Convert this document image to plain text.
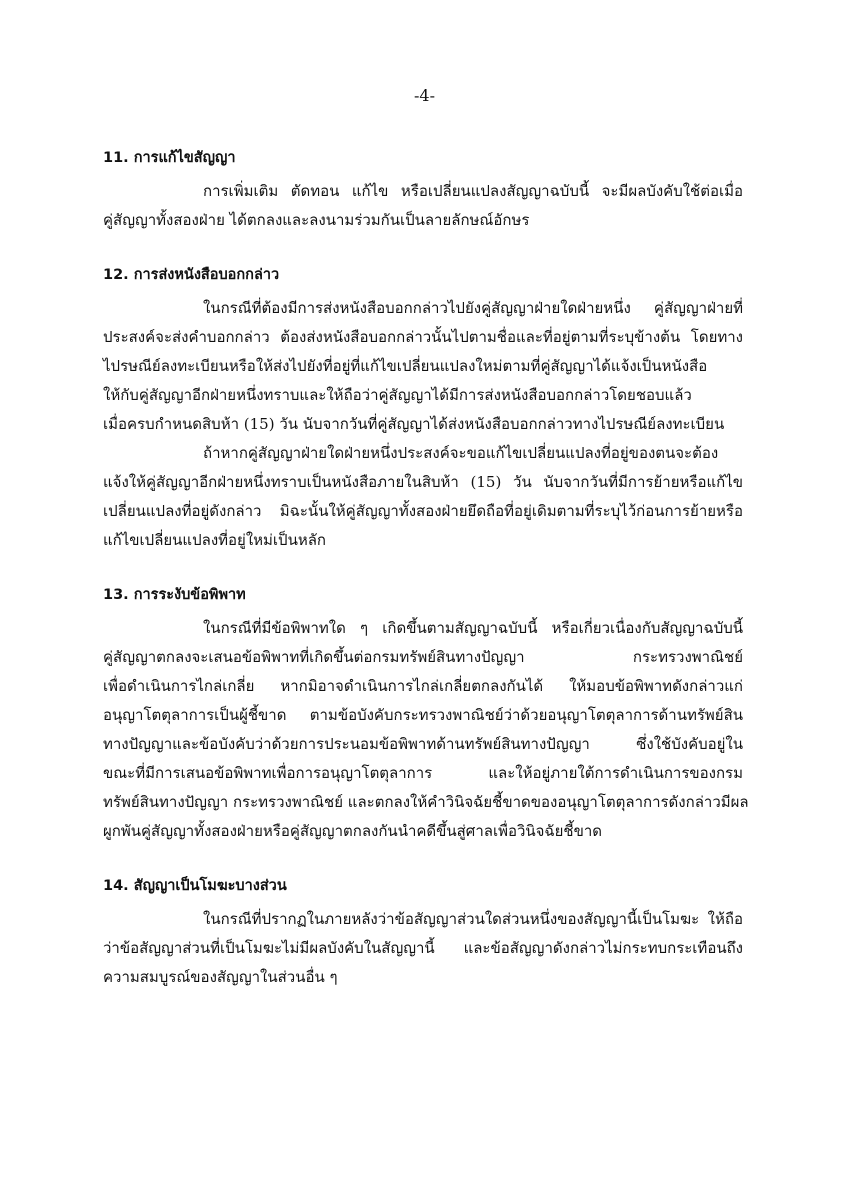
-4-
11. การแก้ไขสัญญา
การเพิ่มเติม ตัดทอน แก้ไข หรือเปลี่ยนแปลงสัญญาฉบับนี้ จะมีผลบังคับใช้ต่อเมื่อ
คู่สัญญาทั้งสองฝ่าย ได้ตกลงและลงนามร่วมกันเป็นลายลักษณ์อักษร
12. การส่งหนังสือบอกกล่าว
ในกรณีที่ต้องมีการส่งหนังสือบอกกล่าวไปยังคู่สัญญาฝ่ายใดฝ่ายหนึ่ง คู่สัญญาฝ่ายที่
ประสงค์จะส่งคำบอกกล่าว ต้องส่งหนังสือบอกกล่าวนั้นไปตามชื่อและที่อยู่ตามที่ระบุข้างต้น โดยทาง
ไปรษณีย์ลงทะเบียนหรือให้ส่งไปยังที่อยู่ที่แก้ไขเปลี่ยนแปลงใหม่ตามที่คู่สัญญาได้แจ้งเป็นหนังสือ
ให้กับคู่สัญญาอีกฝ่ายหนึ่งทราบและให้ถือว่าคู่สัญญาได้มีการส่งหนังสือบอกกล่าวโดยชอบแล้ว
เมื่อครบกำหนดสิบห้า (15) วัน นับจากวันที่คู่สัญญาได้ส่งหนังสือบอกกล่าวทางไปรษณีย์ลงทะเบียน
ถ้าหากคู่สัญญาฝ่ายใดฝ่ายหนึ่งประสงค์จะขอแก้ไขเปลี่ยนแปลงที่อยู่ของตนจะต้อง
แจ้งให้คู่สัญญาอีกฝ่ายหนึ่งทราบเป็นหนังสือภายในสิบห้า (15) วัน นับจากวันที่มีการย้ายหรือแก้ไข
เปลี่ยนแปลงที่อยู่ดังกล่าว มิฉะนั้นให้คู่สัญญาทั้งสองฝ่ายยึดถือที่อยู่เดิมตามที่ระบุไว้ก่อนการย้ายหรือ
แก้ไขเปลี่ยนแปลงที่อยู่ใหม่เป็นหลัก
13. การระงับข้อพิพาท
ในกรณีที่มีข้อพิพาทใด ๆ เกิดขึ้นตามสัญญาฉบับนี้ หรือเกี่ยวเนื่องกับสัญญาฉบับนี้
คู่สัญญาตกลงจะเสนอข้อพิพาทที่เกิดขึ้นต่อกรมทรัพย์สินทางปัญญา กระทรวงพาณิชย์
เพื่อดำเนินการไกล่เกลี่ย หากมิอาจดำเนินการไกล่เกลี่ยตกลงกันได้ ให้มอบข้อพิพาทดังกล่าวแก่
อนุญาโตตุลาการเป็นผู้ชี้ขาด ตามข้อบังคับกระทรวงพาณิชย์ว่าด้วยอนุญาโตตุลาการด้านทรัพย์สิน
ทางปัญญาและข้อบังคับว่าด้วยการประนอมข้อพิพาทด้านทรัพย์สินทางปัญญา ซึ่งใช้บังคับอยู่ใน
ขณะที่มีการเสนอข้อพิพาทเพื่อการอนุญาโตตุลาการ และให้อยู่ภายใต้การดำเนินการของกรม
ทรัพย์สินทางปัญญา กระทรวงพาณิชย์ และตกลงให้คำวินิจฉัยชี้ขาดของอนุญาโตตุลาการดังกล่าวมีผล
ผูกพันคู่สัญญาทั้งสองฝ่ายหรือคู่สัญญาตกลงกันนำคดีขึ้นสู่ศาลเพื่อวินิจฉัยชี้ขาด
14. สัญญาเป็นโมฆะบางส่วน
ในกรณีที่ปรากฏในภายหลังว่าข้อสัญญาส่วนใดส่วนหนึ่งของสัญญานี้เป็นโมฆะ ให้ถือ
ว่าข้อสัญญาส่วนที่เป็นโมฆะไม่มีผลบังคับในสัญญานี้ และข้อสัญญาดังกล่าวไม่กระทบกระเทือนถึง
ความสมบูรณ์ของสัญญาในส่วนอื่น ๆ
